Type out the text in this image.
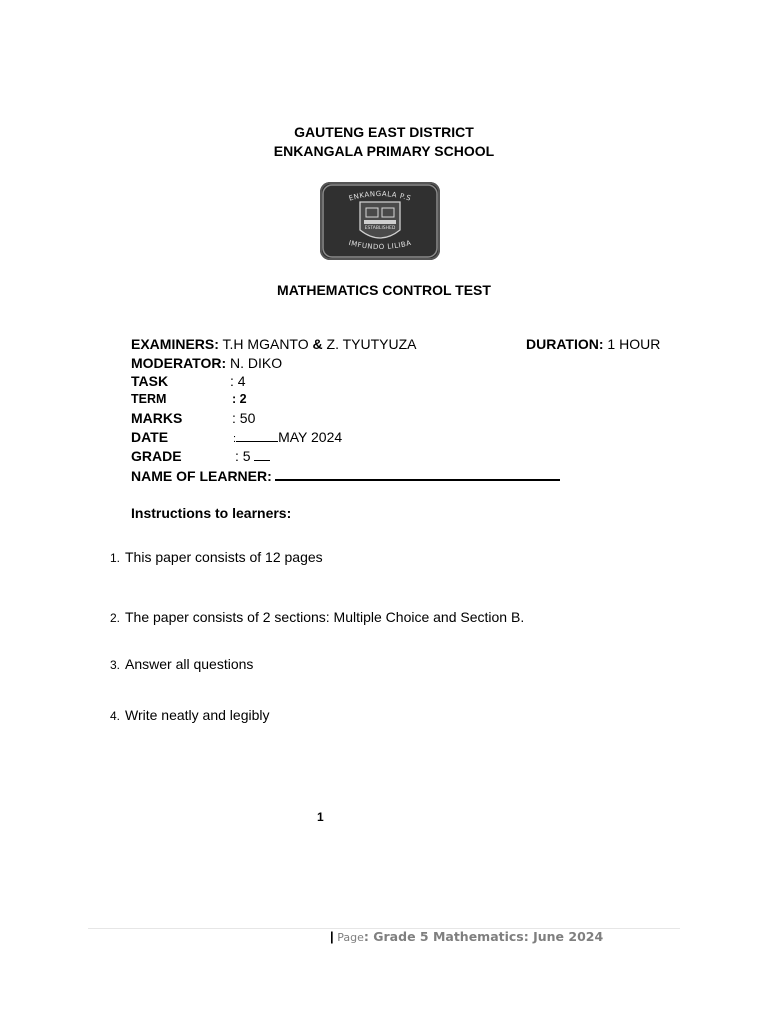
GAUTENG EAST DISTRICT
ENKANGALA PRIMARY SCHOOL
ENKANGALA P.S
ESTABLISHED
IMFUNDO LILIBA
MATHEMATICS CONTROL TEST
EXAMINERS: T.H MGANTO & Z. TYUTYUZA	DURATION: 1 HOUR
MODERATOR: N. DIKO
TASK	: 4
TERM	: 2
MARKS	: 50
DATE	:	MAY 2024
GRADE	: 5
NAME OF LEARNER:
Instructions to learners:
1. This paper consists of 12 pages
2. The paper consists of 2 sections: Multiple Choice and Section B.
3. Answer all questions
4. Write neatly and legibly
1
| Page: Grade 5 Mathematics: June 2024
